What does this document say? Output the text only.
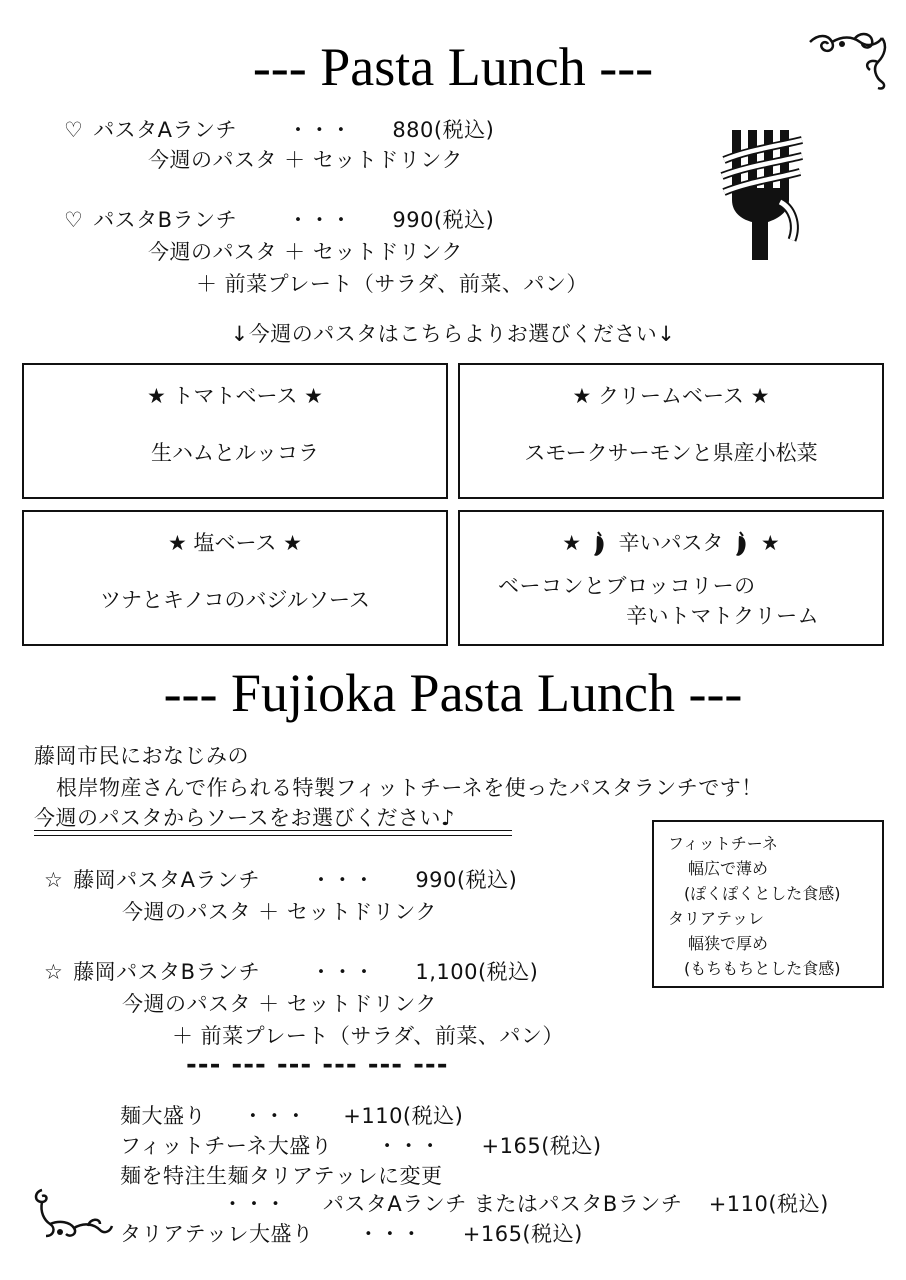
--- Pasta Lunch ---
♡ パスタAランチ ・・・ 880(税込)
今週のパスタ ＋ セットドリンク
♡ パスタBランチ ・・・ 990(税込)
今週のパスタ ＋ セットドリンク
＋ 前菜プレート（サラダ、前菜、パン）
↓今週のパスタはこちらよりお選びください↓
★ トマトベース ★
生ハムとルッコラ
★ クリームベース ★
スモークサーモンと県産小松菜
★ 塩ベース ★
ツナとキノコのバジルソース
★ 辛いパスタ ★
ベーコンとブロッコリーの
辛いトマトクリーム
--- Fujioka Pasta Lunch ---
藤岡市民におなじみの
根岸物産さんで作られる特製フィットチーネを使ったパスタランチです！
今週のパスタからソースをお選びください♪
フィットチーネ
幅広で薄め
(ぽくぽくとした食感)
タリアテッレ
幅狭で厚め
(もちもちとした食感)
☆ 藤岡パスタAランチ ・・・ 990(税込)
今週のパスタ ＋ セットドリンク
☆ 藤岡パスタBランチ ・・・ 1,100(税込)
今週のパスタ ＋ セットドリンク
＋ 前菜プレート（サラダ、前菜、パン）
--- --- --- --- --- ---
麺大盛り ・・・ +110(税込)
フィットチーネ大盛り ・・・ +165(税込)
麺を特注生麺タリアテッレに変更
・・・ パスタAランチ またはパスタBランチ +110(税込)
タリアテッレ大盛り ・・・ +165(税込)
